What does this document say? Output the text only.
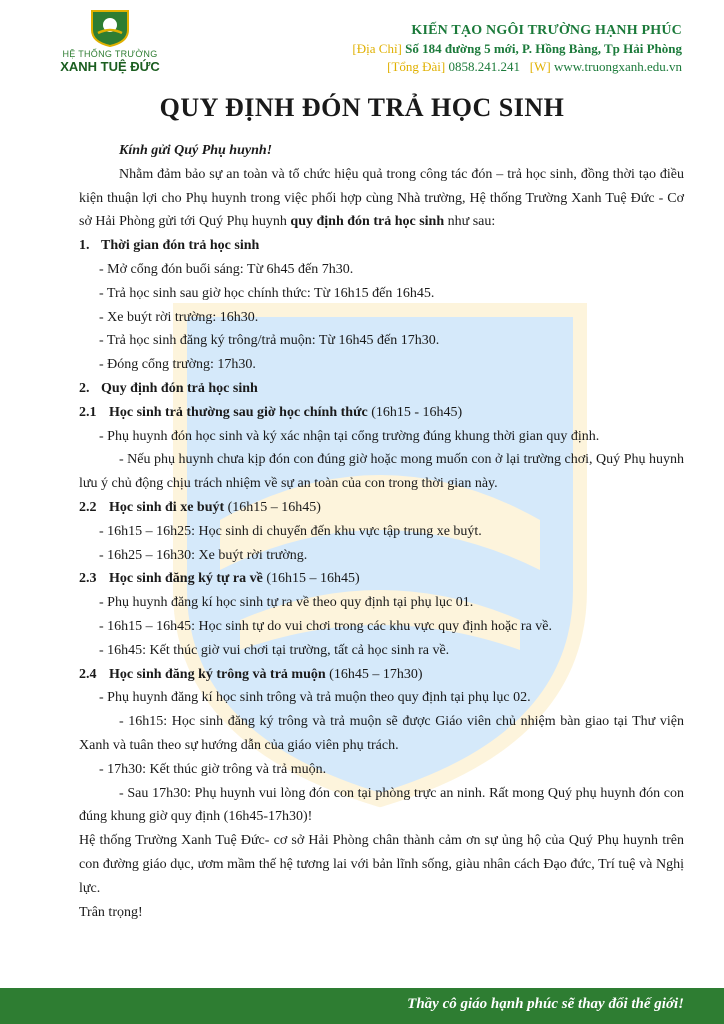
HỆ THỐNG TRƯỜNG
XANH TUỆ ĐỨC
KIẾN TẠO NGÔI TRƯỜNG HẠNH PHÚC
[Địa Chỉ] Số 184 đường 5 mới, P. Hồng Bàng, Tp Hải Phòng
[Tổng Đài] 0858.241.241 [W] www.truongxanh.edu.vn
QUY ĐỊNH ĐÓN TRẢ HỌC SINH

Kính gửi Quý Phụ huynh!

Nhằm đảm bảo sự an toàn và tổ chức hiệu quả trong công tác đón – trả học sinh, đồng thời tạo điều kiện thuận lợi cho Phụ huynh trong việc phối hợp cùng Nhà trường, Hệ thống Trường Xanh Tuệ Đức - Cơ sở Hải Phòng gửi tới Quý Phụ huynh quy định đón trả học sinh như sau:

1. Thời gian đón trả học sinh

- Mở cổng đón buổi sáng: Từ 6h45 đến 7h30.

- Trả học sinh sau giờ học chính thức: Từ 16h15 đến 16h45.

- Xe buýt rời trường: 16h30.

- Trả học sinh đăng ký trông/trả muộn: Từ 16h45 đến 17h30.

- Đóng cổng trường: 17h30.

2. Quy định đón trả học sinh

2.1 Học sinh trả thường sau giờ học chính thức (16h15 - 16h45)

- Phụ huynh đón học sinh và ký xác nhận tại cổng trường đúng khung thời gian quy định.

- Nếu phụ huynh chưa kịp đón con đúng giờ hoặc mong muốn con ở lại trường chơi, Quý Phụ huynh lưu ý chủ động chịu trách nhiệm về sự an toàn của con trong thời gian này.

2.2 Học sinh đi xe buýt (16h15 – 16h45)

- 16h15 – 16h25: Học sinh di chuyển đến khu vực tập trung xe buýt.

- 16h25 – 16h30: Xe buýt rời trường.

2.3 Học sinh đăng ký tự ra về (16h15 – 16h45)

- Phụ huynh đăng kí học sinh tự ra về theo quy định tại phụ lục 01.

- 16h15 – 16h45: Học sinh tự do vui chơi trong các khu vực quy định hoặc ra về.

- 16h45: Kết thúc giờ vui chơi tại trường, tất cả học sinh ra về.

2.4 Học sinh đăng ký trông và trả muộn (16h45 – 17h30)

- Phụ huynh đăng kí học sinh trông và trả muộn theo quy định tại phụ lục 02.

- 16h15: Học sinh đăng ký trông và trả muộn sẽ được Giáo viên chủ nhiệm bàn giao tại Thư viện Xanh và tuân theo sự hướng dẫn của giáo viên phụ trách.

- 17h30: Kết thúc giờ trông và trả muộn.

- Sau 17h30: Phụ huynh vui lòng đón con tại phòng trực an ninh. Rất mong Quý phụ huynh đón con đúng khung giờ quy định (16h45-17h30)!

Hệ thống Trường Xanh Tuệ Đức- cơ sở Hải Phòng chân thành cảm ơn sự ủng hộ của Quý Phụ huynh trên con đường giáo dục, ươm mầm thế hệ tương lai với bản lĩnh sống, giàu nhân cách Đạo đức, Trí tuệ và Nghị lực.

Trân trọng!

Thầy cô giáo hạnh phúc sẽ thay đổi thế giới!
